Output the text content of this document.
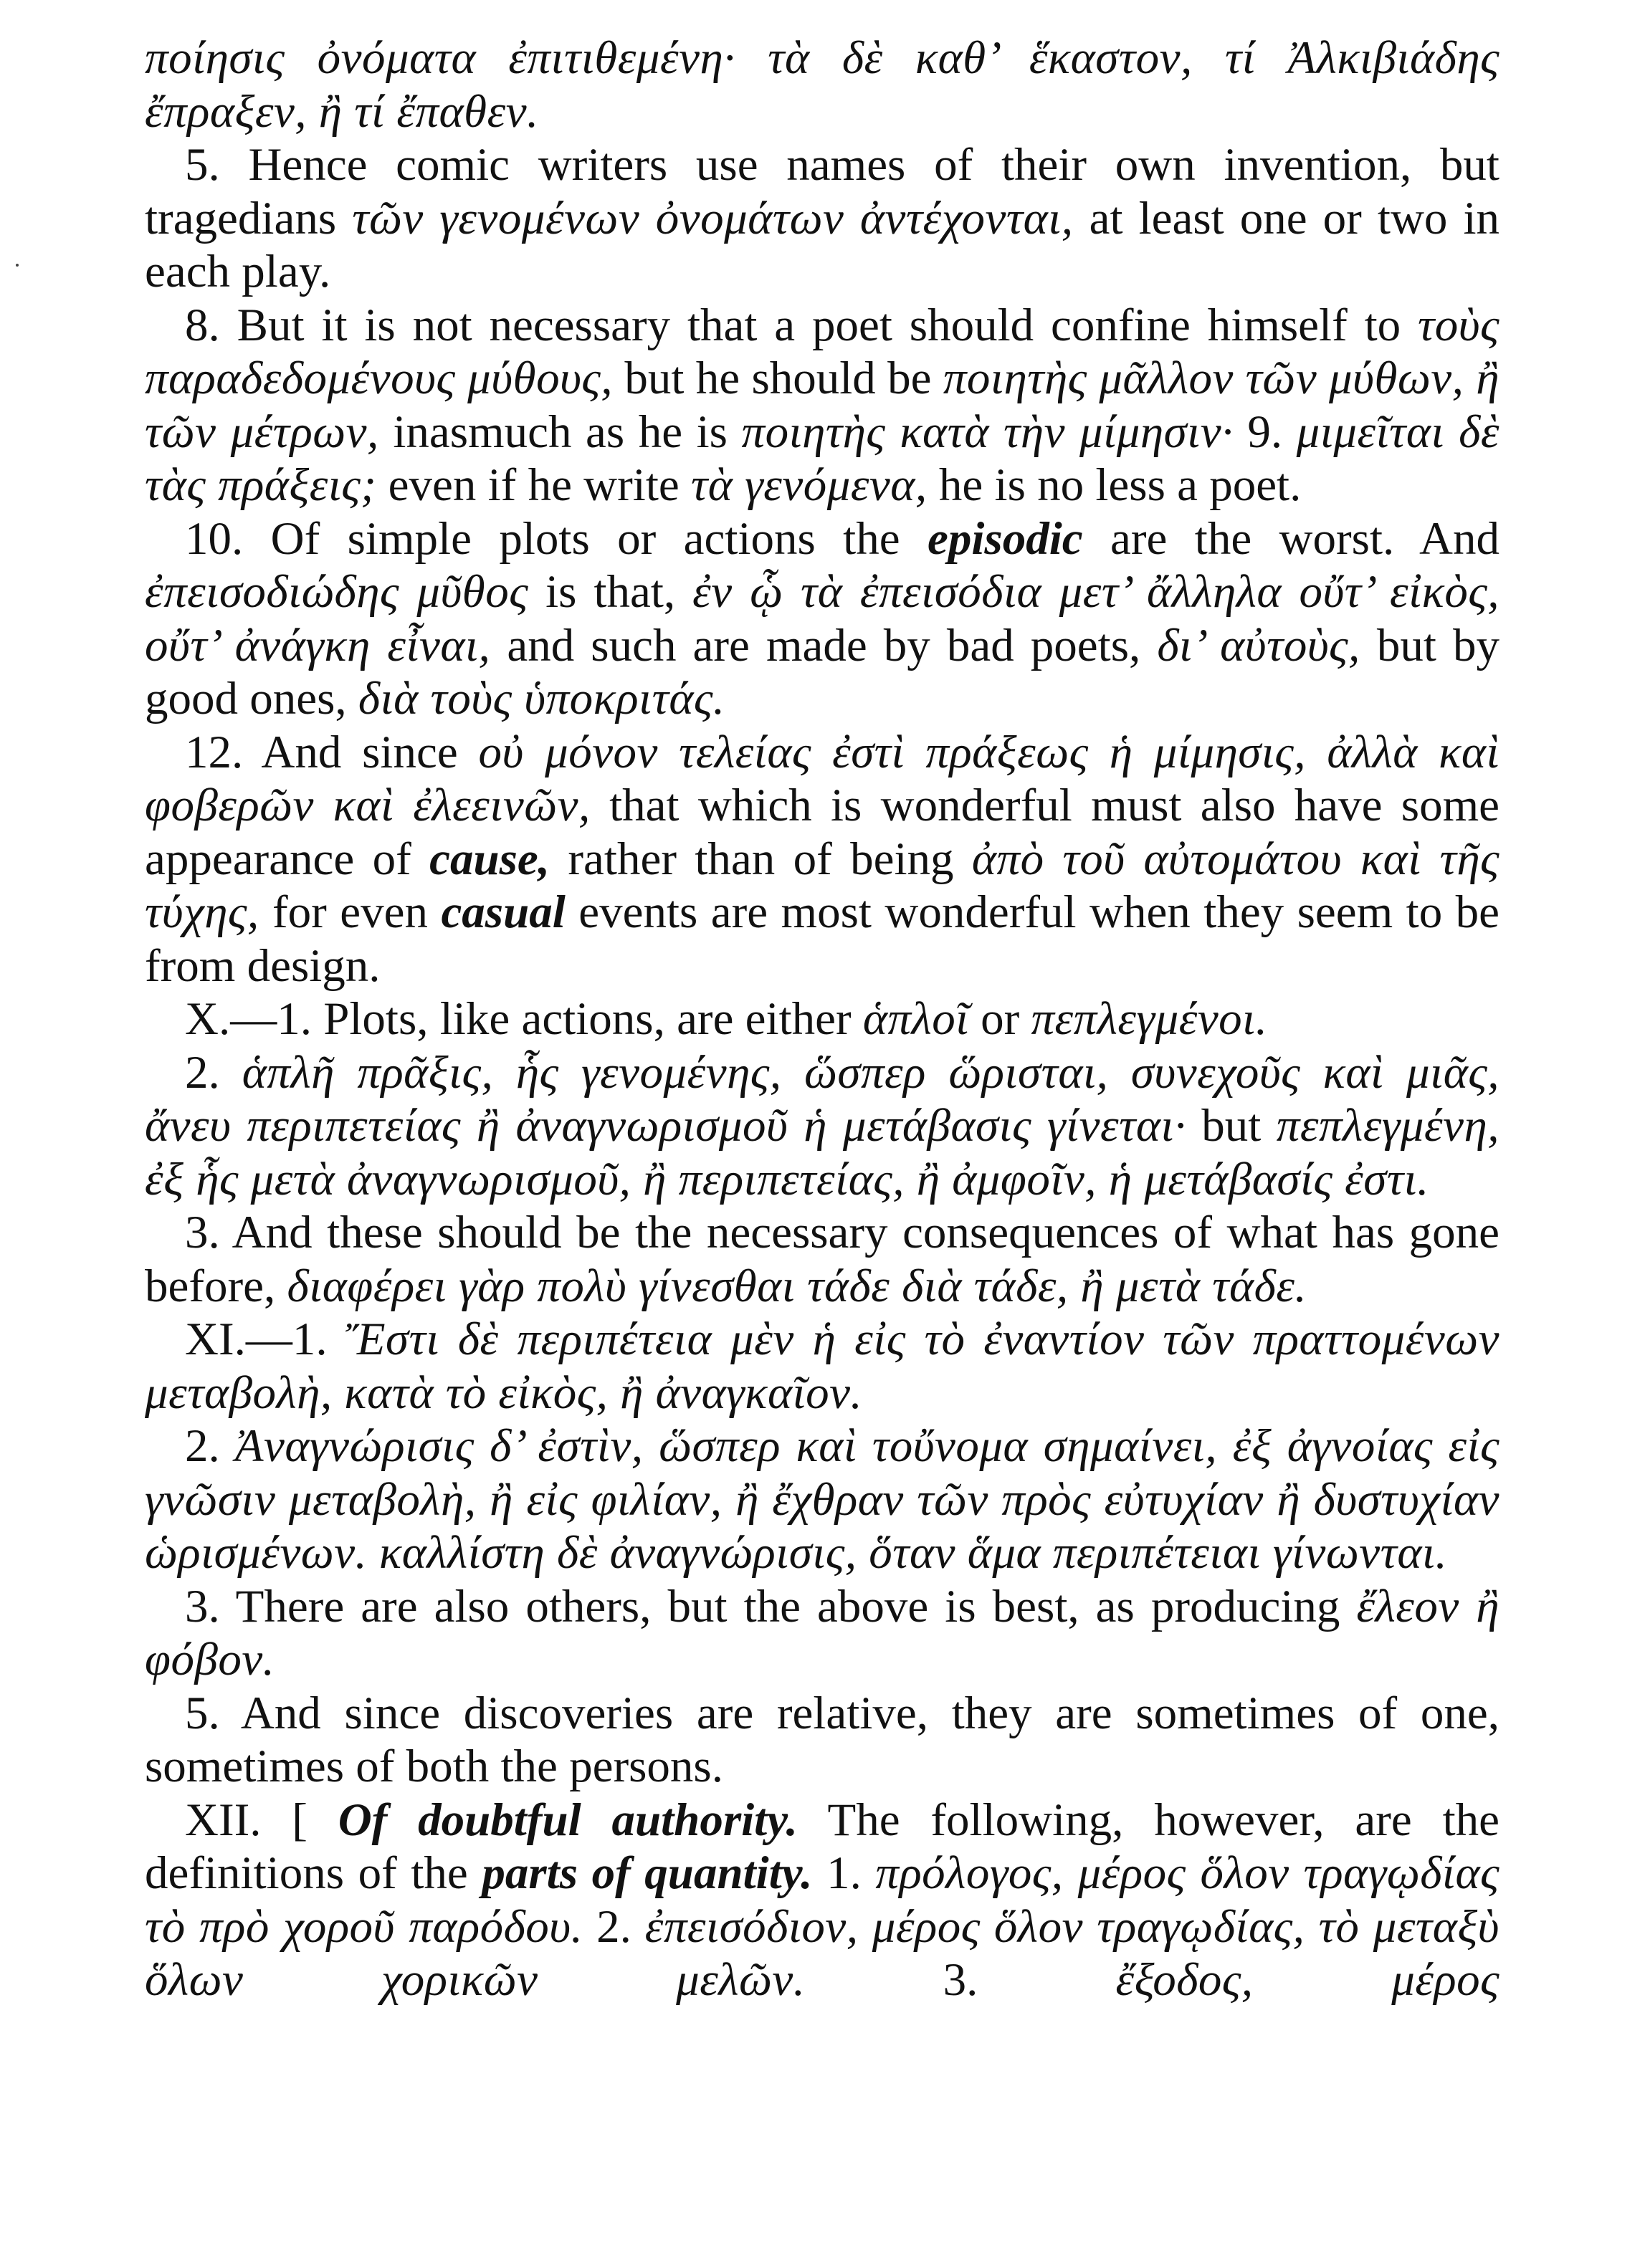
ποίησις ὀνόματα ἐπιτιθεμένη· τὰ δὲ καθ’ ἕκαστον, τί Ἀλκιβιάδης ἔπραξεν, ἢ τί ἔπαθεν.

5. Hence comic writers use names of their own invention, but tragedians τῶν γενομένων ὀνομάτων ἀντέχονται, at least one or two in each play.

8. But it is not necessary that a poet should confine himself to τοὺς παραδεδομένους μύθους, but he should be ποιητὴς μᾶλλον τῶν μύθων, ἢ τῶν μέτρων, inasmuch as he is ποιητὴς κατὰ τὴν μίμησιν· 9. μιμεῖται δὲ τὰς πράξεις; even if he write τὰ γενόμενα, he is no less a poet.

10. Of simple plots or actions the episodic are the worst. And ἐπεισοδιώδης μῦθος is that, ἐν ᾧ τὰ ἐπεισόδια μετ’ ἄλληλα οὔτ’ εἰκὸς, οὔτ’ ἀνάγκη εἶναι, and such are made by bad poets, δι’ αὐτοὺς, but by good ones, διὰ τοὺς ὑποκριτάς.

12. And since οὐ μόνον τελείας ἐστὶ πράξεως ἡ μίμησις, ἀλλὰ καὶ φοβερῶν καὶ ἐλεεινῶν, that which is wonderful must also have some appearance of cause, rather than of being ἀπὸ τοῦ αὐτομάτου καὶ τῆς τύχης, for even casual events are most wonderful when they seem to be from design.

X.—1. Plots, like actions, are either ἁπλοῖ or πεπλεγμένοι.

2. ἁπλῆ πρᾶξις, ἧς γενομένης, ὥσπερ ὥρισται, συνεχοῦς καὶ μιᾶς, ἄνευ περιπετείας ἢ ἀναγνωρισμοῦ ἡ μετάβασις γίνεται· but πεπλεγμένη, ἐξ ἧς μετὰ ἀναγνωρισμοῦ, ἢ περιπετείας, ἢ ἀμφοῖν, ἡ μετάβασίς ἐστι.

3. And these should be the necessary consequences of what has gone before, διαφέρει γὰρ πολὺ γίνεσθαι τάδε διὰ τάδε, ἢ μετὰ τάδε.

XI.—1. Ἔστι δὲ περιπέτεια μὲν ἡ εἰς τὸ ἐναντίον τῶν πραττομένων μεταβολὴ, κατὰ τὸ εἰκὸς, ἢ ἀναγκαῖον.

2. Ἀναγνώρισις δ’ ἐστὶν, ὥσπερ καὶ τοὔνομα σημαίνει, ἐξ ἀγνοίας εἰς γνῶσιν μεταβολὴ, ἢ εἰς φιλίαν, ἢ ἔχθραν τῶν πρὸς εὐτυχίαν ἢ δυστυχίαν ὡρισμένων. καλλίστη δὲ ἀναγνώρισις, ὅταν ἅμα περιπέτειαι γίνωνται.

3. There are also others, but the above is best, as producing ἔλεον ἢ φόβον.

5. And since discoveries are relative, they are sometimes of one, sometimes of both the persons.

XII. [ Of doubtful authority. The following, however, are the definitions of the parts of quantity. 1. πρόλογος, μέρος ὅλον τραγῳδίας τὸ πρὸ χοροῦ παρόδου. 2. ἐπεισόδιον, μέρος ὅλον τραγῳδίας, τὸ μεταξὺ ὅλων χορικῶν μελῶν. 3. ἔξοδος, μέρος
